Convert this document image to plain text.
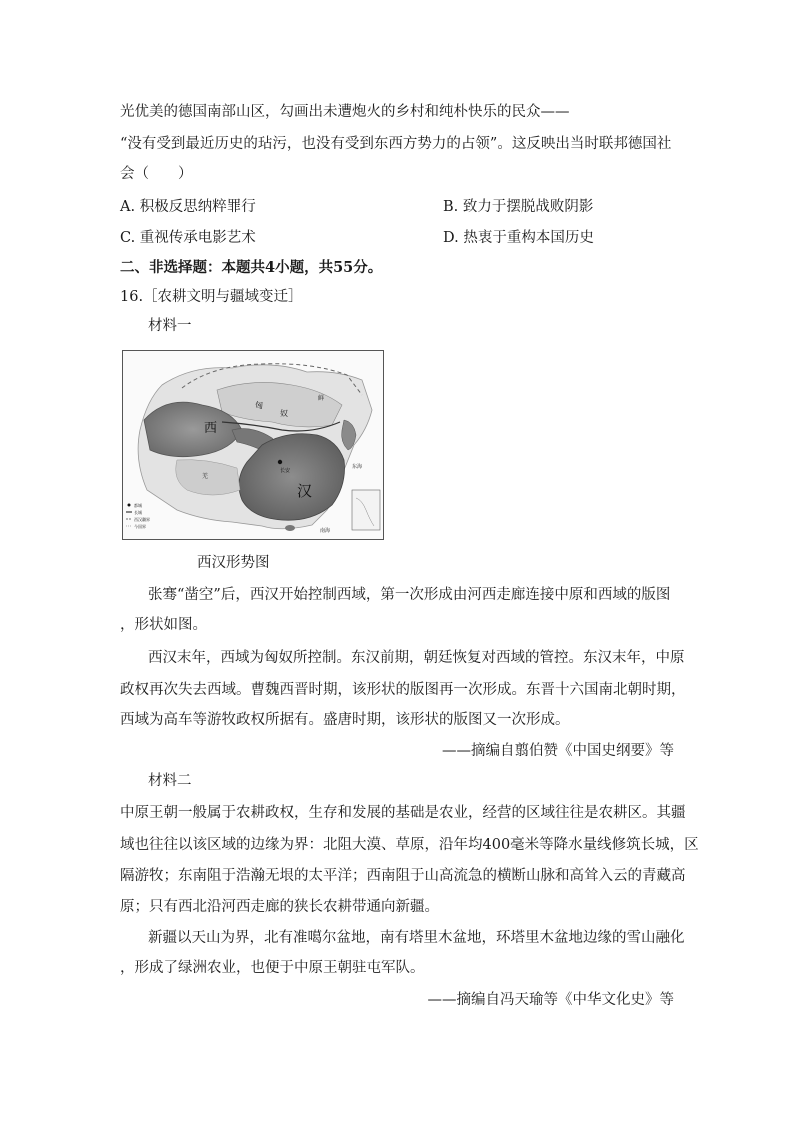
光优美的德国南部山区，勾画出未遭炮火的乡村和纯朴快乐的民众——

“没有受到最近历史的玷污，也没有受到东西方势力的占领”。这反映出当时联邦德国社

会（　　）

A. 积极反思纳粹罪行	B. 致力于摆脱战败阴影
C. 重视传承电影艺术	D. 热衷于重构本国历史

二、非选择题：本题共4小题，共55分。

16.［农耕文明与疆域变迁］

材料一

西
匈
奴
鲜
长安
汉
东海
南海
羌
都城
长城
西汉疆界
今国界

西汉形势图

张骞“凿空”后，西汉开始控制西域，第一次形成由河西走廊连接中原和西域的版图

，形状如图。

西汉末年，西域为匈奴所控制。东汉前期，朝廷恢复对西域的管控。东汉末年，中原

政权再次失去西域。曹魏西晋时期，该形状的版图再一次形成。东晋十六国南北朝时期，

西域为高车等游牧政权所据有。盛唐时期，该形状的版图又一次形成。

——摘编自翦伯赞《中国史纲要》等

材料二

中原王朝一般属于农耕政权，生存和发展的基础是农业，经营的区域往往是农耕区。其疆

域也往往以该区域的边缘为界：北阻大漠、草原，沿年均400毫米等降水量线修筑长城，区

隔游牧；东南阻于浩瀚无垠的太平洋；西南阻于山高流急的横断山脉和高耸入云的青藏高

原；只有西北沿河西走廊的狭长农耕带通向新疆。

新疆以天山为界，北有准噶尔盆地，南有塔里木盆地，环塔里木盆地边缘的雪山融化

，形成了绿洲农业，也便于中原王朝驻屯军队。

——摘编自冯天瑜等《中华文化史》等
